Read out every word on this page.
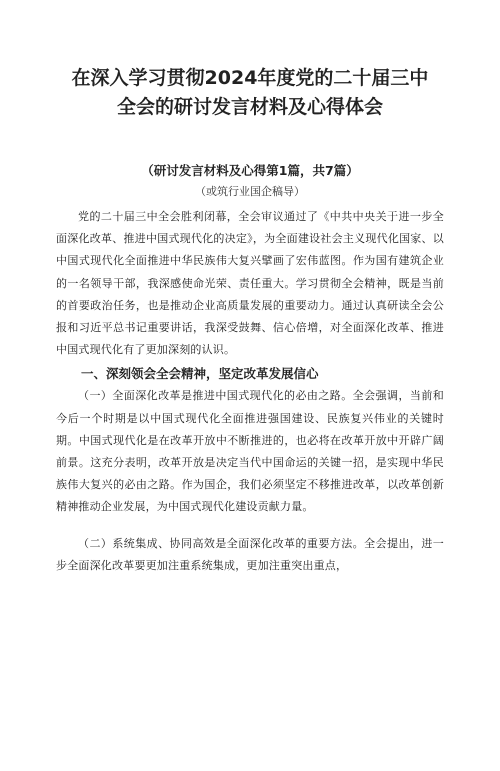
在深入学习贯彻2024年度党的二十届三中
全会的研讨发言材料及心得体会
（研讨发言材料及心得第1篇，共7篇）
（或筑行业国企稿导）

党的二十届三中全会胜利闭幕，全会审议通过了《中共中央关于进一步全面深化改革、推进中国式现代化的决定》，为全面建设社会主义现代化国家、以中国式现代化全面推进中华民族伟大复兴擘画了宏伟蓝图。作为国有建筑企业的一名领导干部，我深感使命光荣、责任重大。学习贯彻全会精神，既是当前的首要政治任务，也是推动企业高质量发展的重要动力。通过认真研读全会公报和习近平总书记重要讲话，我深受鼓舞、信心倍增，对全面深化改革、推进中国式现代化有了更加深刻的认识。

一、深刻领会全会精神，坚定改革发展信心

（一）全面深化改革是推进中国式现代化的必由之路。全会强调，当前和今后一个时期是以中国式现代化全面推进强国建设、民族复兴伟业的关键时期。中国式现代化是在改革开放中不断推进的，也必将在改革开放中开辟广阔前景。这充分表明，改革开放是决定当代中国命运的关键一招，是实现中华民族伟大复兴的必由之路。作为国企，我们必须坚定不移推进改革，以改革创新精神推动企业发展，为中国式现代化建设贡献力量。

（二）系统集成、协同高效是全面深化改革的重要方法。全会提出，进一步全面深化改革要更加注重系统集成，更加注重突出重点，
